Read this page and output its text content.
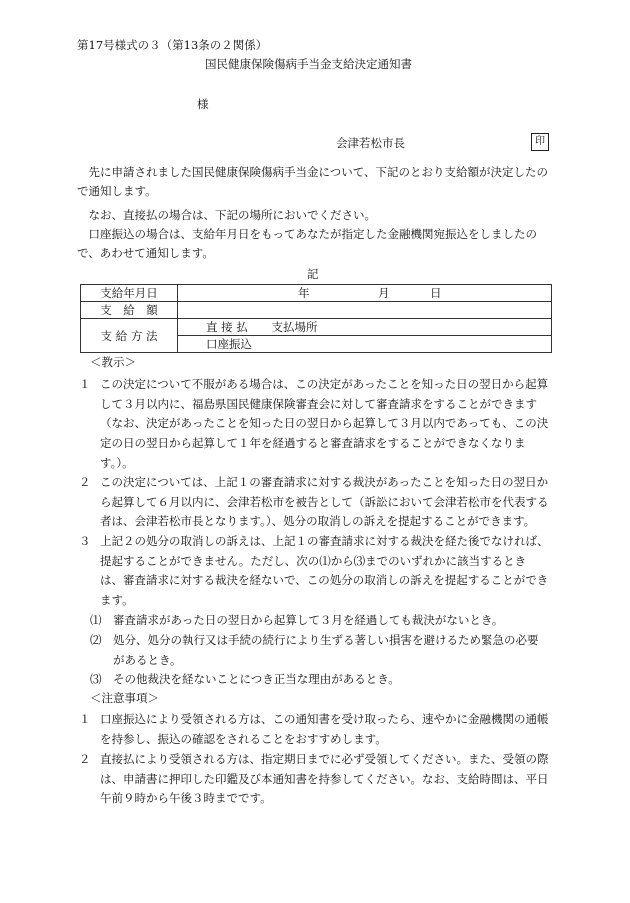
第17号様式の３（第13条の２関係）
国民健康保険傷病手当金支給決定通知書
様
会津若松市長	印
先に申請されました国民健康保険傷病手当金について、下記のとおり支給額が決定したので通知します。
なお、直接払の場合は、下記の場所においでください。
口座振込の場合は、支給年月日をもってあなたが指定した金融機関宛振込をしましたので、あわせて通知します。
記
支給年月日	年 月 日

支　給　額	
支 給 方 法	直 接 払 支払場所
	口座振込
＜教示＞
１ この決定について不服がある場合は、この決定があったことを知った日の翌日から起算して３月以内に、福島県国民健康保険審査会に対して審査請求をすることができます（なお、決定があったことを知った日の翌日から起算して３月以内であっても、この決定の日の翌日から起算して１年を経過すると審査請求をすることができなくなります。）。
２ この決定については、上記１の審査請求に対する裁決があったことを知った日の翌日から起算して６月以内に、会津若松市を被告として（訴訟において会津若松市を代表する者は、会津若松市長となります。）、処分の取消しの訴えを提起することができます。
３ 上記２の処分の取消しの訴えは、上記１の審査請求に対する裁決を経た後でなければ、提起することができません。ただし、次の⑴から⑶までのいずれかに該当するときは、審査請求に対する裁決を経ないで、この処分の取消しの訴えを提起することができます。
⑴ 審査請求があった日の翌日から起算して３月を経過しても裁決がないとき。
⑵ 処分、処分の執行又は手続の続行により生ずる著しい損害を避けるため緊急の必要があるとき。
⑶ その他裁決を経ないことにつき正当な理由があるとき。
＜注意事項＞
１ 口座振込により受領される方は、この通知書を受け取ったら、速やかに金融機関の通帳を持参し、振込の確認をされることをおすすめします。
２ 直接払により受領される方は、指定期日までに必ず受領してください。また、受領の際は、申請書に押印した印鑑及び本通知書を持参してください。なお、支給時間は、平日午前９時から午後３時までです。
